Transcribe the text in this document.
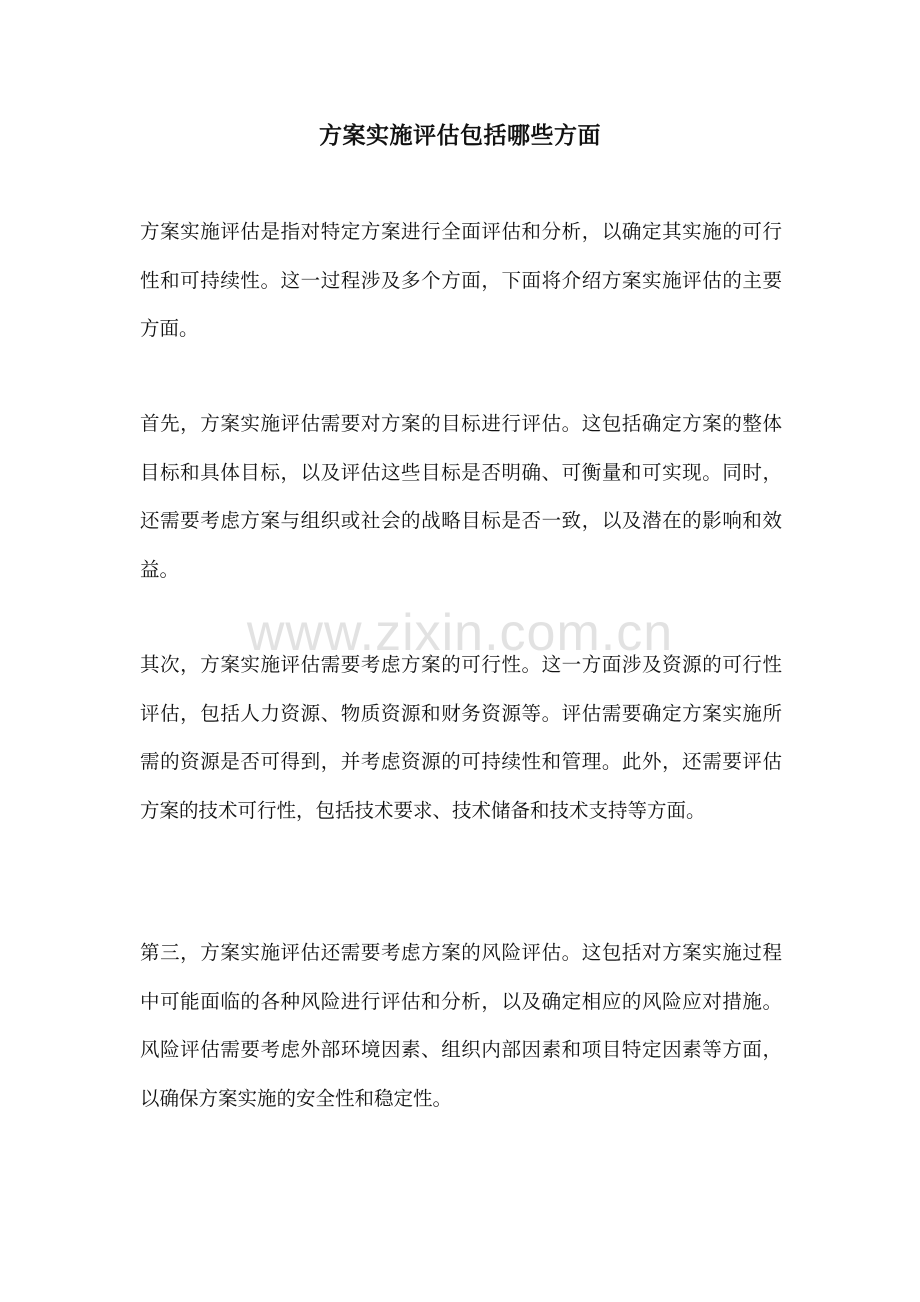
方案实施评估包括哪些方面

方案实施评估是指对特定方案进行全面评估和分析，以确定其实施的可行性和可持续性。这一过程涉及多个方面，下面将介绍方案实施评估的主要方面。

首先，方案实施评估需要对方案的目标进行评估。这包括确定方案的整体目标和具体目标，以及评估这些目标是否明确、可衡量和可实现。同时，还需要考虑方案与组织或社会的战略目标是否一致，以及潜在的影响和效益。

其次，方案实施评估需要考虑方案的可行性。这一方面涉及资源的可行性评估，包括人力资源、物质资源和财务资源等。评估需要确定方案实施所需的资源是否可得到，并考虑资源的可持续性和管理。此外，还需要评估方案的技术可行性，包括技术要求、技术储备和技术支持等方面。

第三，方案实施评估还需要考虑方案的风险评估。这包括对方案实施过程中可能面临的各种风险进行评估和分析，以及确定相应的风险应对措施。风险评估需要考虑外部环境因素、组织内部因素和项目特定因素等方面，以确保方案实施的安全性和稳定性。

www.zixin.com.cn
